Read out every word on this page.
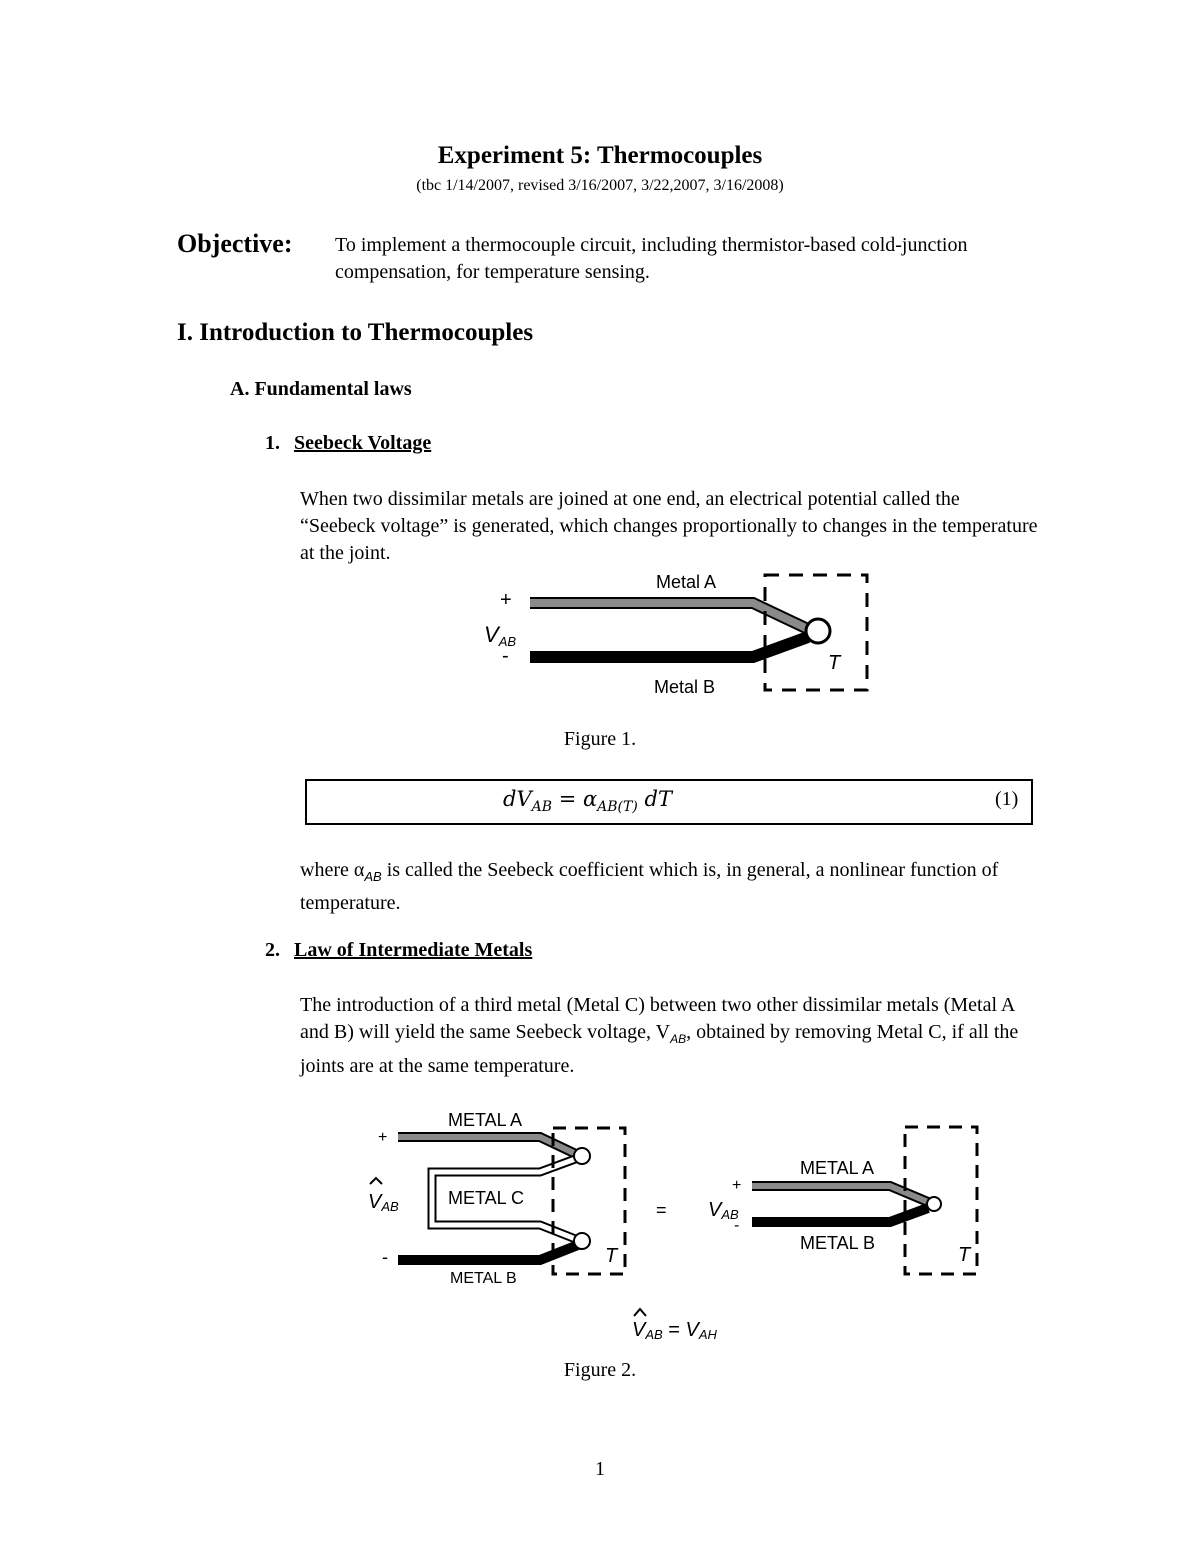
Experiment 5: Thermocouples
(tbc 1/14/2007, revised 3/16/2007, 3/22,2007, 3/16/2008)
Objective: To implement a thermocouple circuit, including thermistor-based cold-junction compensation, for temperature sensing.
I. Introduction to Thermocouples
A. Fundamental laws
1. Seebeck Voltage
When two dissimilar metals are joined at one end, an electrical potential called the “Seebeck voltage” is generated, which changes proportionally to changes in the temperature at the joint.
Metal A
Metal B
+
-
VAB
T
Figure 1.
$dV_{AB} = \alpha_{AB(T)}$ dT	(1)
where $\alpha_{AB}$ is called the Seebeck coefficient which is, in general, a nonlinear function of temperature.
2. Law of Intermediate Metals
The introduction of a third metal (Metal C) between two other dissimilar metals (Metal A and B) will yield the same Seebeck voltage, $V_{AB}$, obtained by removing Metal C, if all the joints are at the same temperature.
METAL A
METAL C
METAL B
+
-
VAB
T
=
METAL A
METAL B
+
-
VAB
T
VAB = VAH
Figure 2.
1
